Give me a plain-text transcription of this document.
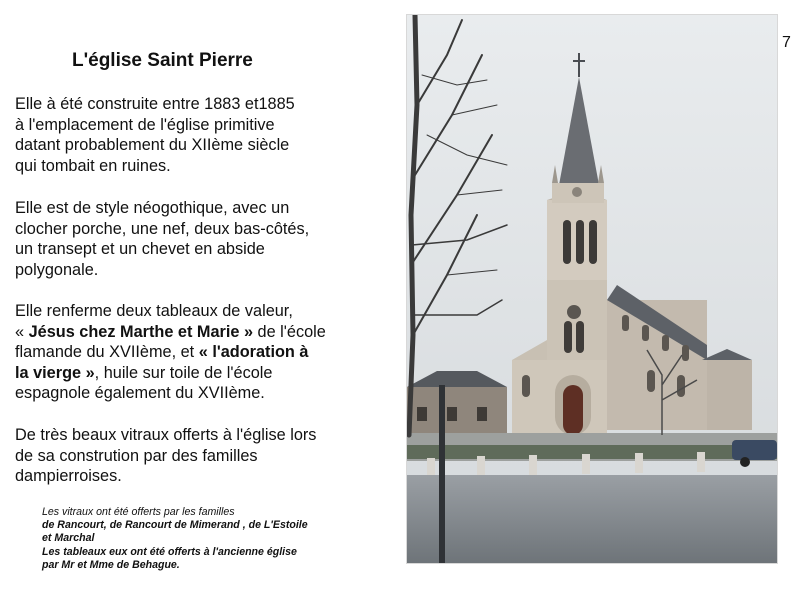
L'église Saint Pierre
Elle à été construite entre 1883 et1885
à l'emplacement de l'église primitive
datant probablement du XIIème siècle
qui tombait en ruines.
Elle est de style néogothique, avec un
clocher porche, une nef, deux bas-côtés,
un transept et un chevet en abside
polygonale.
Elle renferme deux tableaux de valeur,
« Jésus chez Marthe et Marie » de l'école
flamande du XVIIème, et « l'adoration à
la vierge », huile sur toile de l'école
espagnole également du XVIIème.
De très beaux vitraux offerts à l'église lors
de sa constrution par des familles
dampierroises.
Les vitraux ont été offerts par les familles
de Rancourt, de Rancourt de Mimerand , de L'Estoile
et Marchal
Les tableaux eux ont été offerts à l'ancienne église
par Mr et Mme de Behague.
7
